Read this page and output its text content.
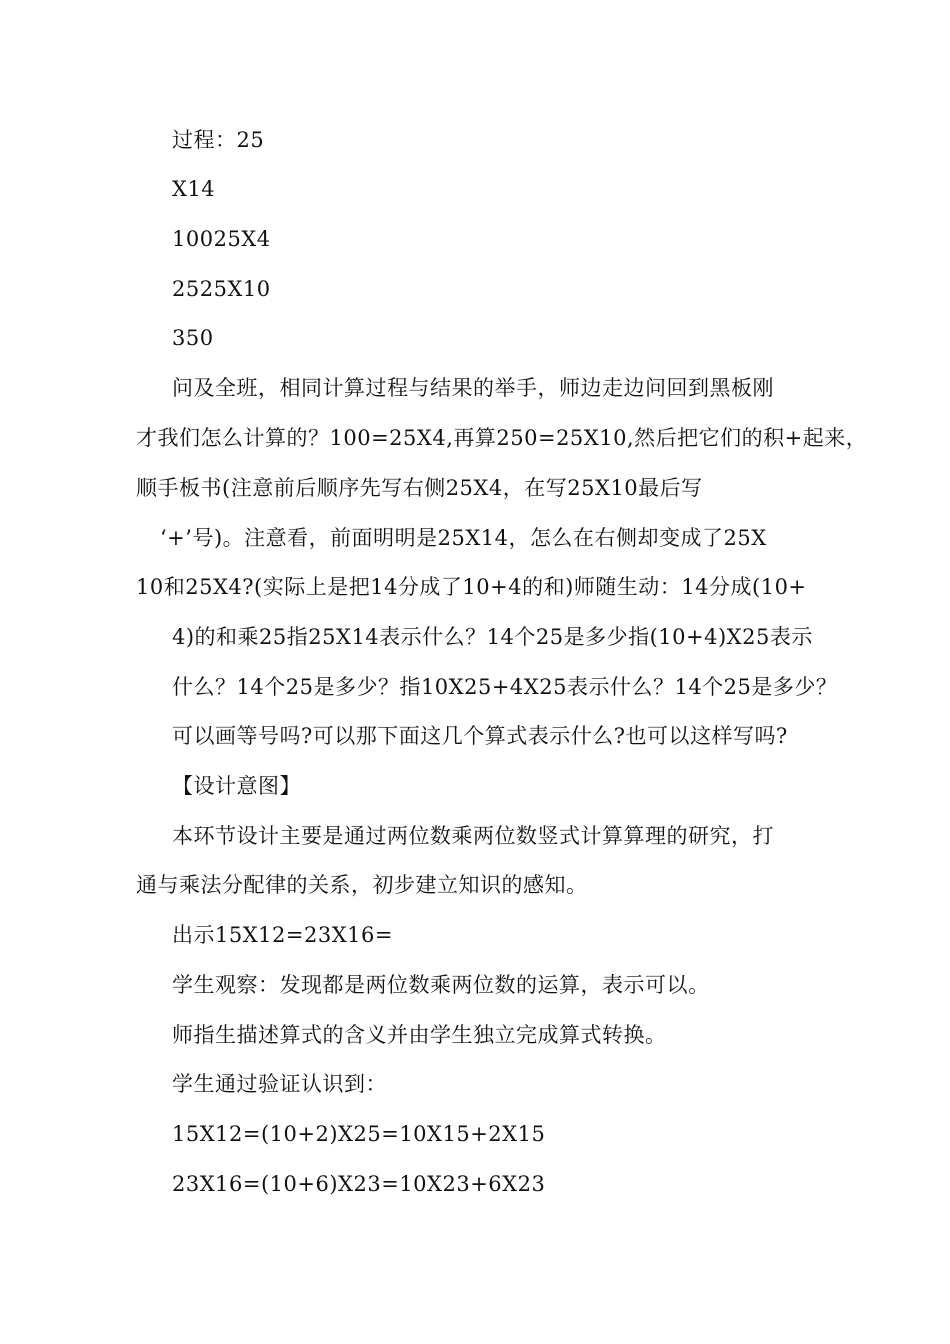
过程：25
X14
10025X4
2525X10
350
问及全班，相同计算过程与结果的举手，师边走边问回到黑板刚
才我们怎么计算的？100=25X4,再算250=25X10,然后把它们的积+起来，
顺手板书(注意前后顺序先写右侧25X4，在写25X10最后写
‘+’号)。注意看，前面明明是25X14，怎么在右侧却变成了25X
10和25X4?(实际上是把14分成了10+4的和)师随生动：14分成(10+
4)的和乘25指25X14表示什么？14个25是多少指(10+4)X25表示
什么？14个25是多少？指10X25+4X25表示什么？14个25是多少？
可以画等号吗?可以那下面这几个算式表示什么?也可以这样写吗?
【设计意图】
本环节设计主要是通过两位数乘两位数竖式计算算理的研究，打
通与乘法分配律的关系，初步建立知识的感知。
出示15X12=23X16=
学生观察：发现都是两位数乘两位数的运算，表示可以。
师指生描述算式的含义并由学生独立完成算式转换。
学生通过验证认识到：
15X12=(10+2)X25=10X15+2X15
23X16=(10+6)X23=10X23+6X23
